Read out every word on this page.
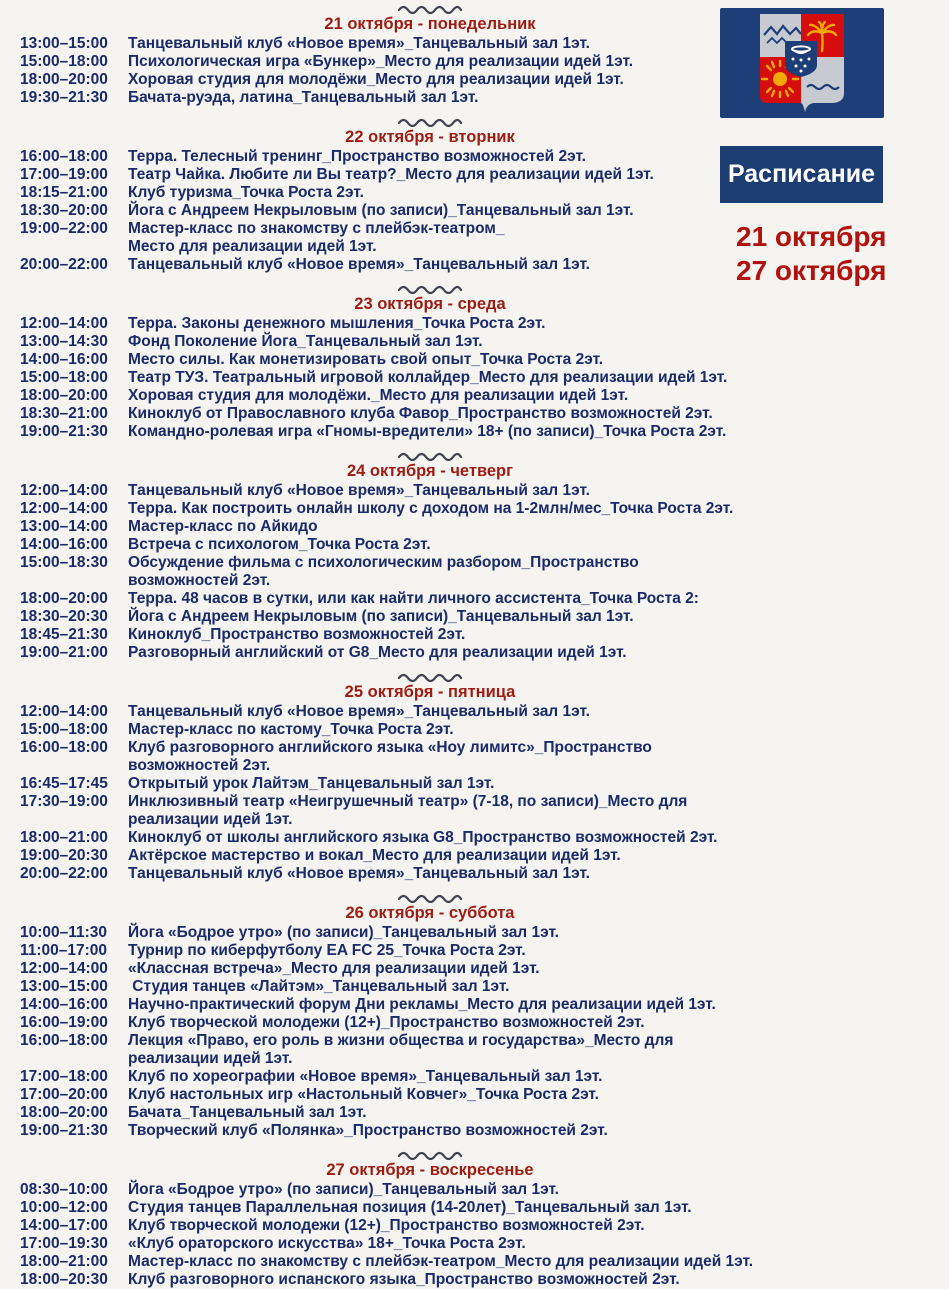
21 октября - понедельник
13:00–15:00	Танцевальный клуб «Новое время»_Танцевальный зал 1эт.
15:00–18:00	Психологическая игра «Бункер»_Место для реализации идей 1эт.
18:00–20:00	Хоровая студия для молодёжи_Место для реализации идей 1эт.
19:30–21:30	Бачата-руэда, латина_Танцевальный зал 1эт.
22 октября - вторник
16:00–18:00	Терра. Телесный тренинг_Пространство возможностей 2эт.
17:00–19:00	Театр Чайка. Любите ли Вы театр?_Место для реализации идей 1эт.
18:15–21:00	Клуб туризма_Точка Роста 2эт.
18:30–20:00	Йога с Андреем Некрыловым (по записи)_Танцевальный зал 1эт.
19:00–22:00	Мастер-класс по знакомству с плейбэк-театром_
Место для реализации идей 1эт.
20:00–22:00	Танцевальный клуб «Новое время»_Танцевальный зал 1эт.
23 октября - среда
12:00–14:00	Терра. Законы денежного мышления_Точка Роста 2эт.
13:00–14:30	Фонд Поколение Йога_Танцевальный зал 1эт.
14:00–16:00	Место силы. Как монетизировать свой опыт_Точка Роста 2эт.
15:00–18:00	Театр ТУЗ. Театральный игровой коллайдер_Место для реализации идей 1эт.
18:00–20:00	Хоровая студия для молодёжи._Место для реализации идей 1эт.
18:30–21:00	Киноклуб от Православного клуба Фавор_Пространство возможностей 2эт.
19:00–21:30	Командно-ролевая игра «Гномы-вредители» 18+ (по записи)_Точка Роста 2эт.
24 октября - четверг
12:00–14:00	Танцевальный клуб «Новое время»_Танцевальный зал 1эт.
12:00–14:00	Терра. Как построить онлайн школу с доходом на 1-2млн/мес_Точка Роста 2эт.
13:00–14:00	Мастер-класс по Айкидо
14:00–16:00	Встреча с психологом_Точка Роста 2эт.
15:00–18:30	Обсуждение фильма с психологическим разбором_Пространство
возможностей 2эт.
18:00–20:00	Терра. 48 часов в сутки, или как найти личного ассистента_Точка Роста 2:
18:30–20:30	Йога с Андреем Некрыловым (по записи)_Танцевальный зал 1эт.
18:45–21:30	Киноклуб_Пространство возможностей 2эт.
19:00–21:00	Разговорный английский от G8_Место для реализации идей 1эт.
25 октября - пятница
12:00–14:00	Танцевальный клуб «Новое время»_Танцевальный зал 1эт.
15:00–18:00	Мастер-класс по кастому_Точка Роста 2эт.
16:00–18:00	Клуб разговорного английского языка «Ноу лимитс»_Пространство
возможностей 2эт.
16:45–17:45	Открытый урок Лайтэм_Танцевальный зал 1эт.
17:30–19:00	Инклюзивный театр «Неигрушечный театр» (7-18, по записи)_Место для
реализации идей 1эт.
18:00–21:00	Киноклуб от школы английского языка G8_Пространство возможностей 2эт.
19:00–20:30	Актёрское мастерство и вокал_Место для реализации идей 1эт.
20:00–22:00	Танцевальный клуб «Новое время»_Танцевальный зал 1эт.
26 октября - суббота
10:00–11:30	Йога «Бодрое утро» (по записи)_Танцевальный зал 1эт.
11:00–17:00	Турнир по киберфутболу EA FC 25_Точка Роста 2эт.
12:00–14:00	«Классная встреча»_Место для реализации идей 1эт.
13:00–15:00	Студия танцев «Лайтэм»_Танцевальный зал 1эт.
14:00–16:00	Научно-практический форум Дни рекламы_Место для реализации идей 1эт.
16:00–19:00	Клуб творческой молодежи (12+)_Пространство возможностей 2эт.
16:00–18:00	Лекция «Право, его роль в жизни общества и государства»_Место для
реализации идей 1эт.
17:00–18:00	Клуб по хореографии «Новое время»_Танцевальный зал 1эт.
17:00–20:00	Клуб настольных игр «Настольный Ковчег»_Точка Роста 2эт.
18:00–20:00	Бачата_Танцевальный зал 1эт.
19:00–21:30	Творческий клуб «Полянка»_Пространство возможностей 2эт.
27 октября - воскресенье
08:30–10:00	Йога «Бодрое утро» (по записи)_Танцевальный зал 1эт.
10:00–12:00	Студия танцев Параллельная позиция (14-20лет)_Танцевальный зал 1эт.
14:00–17:00	Клуб творческой молодежи (12+)_Пространство возможностей 2эт.
17:00–19:30	«Клуб ораторского искусства» 18+_Точка Роста 2эт.
18:00–21:00	Мастер-класс по знакомству с плейбэк-театром_Место для реализации идей 1эт.
18:00–20:30	Клуб разговорного испанского языка_Пространство возможностей 2эт.
Расписание
21 октября
27 октября
